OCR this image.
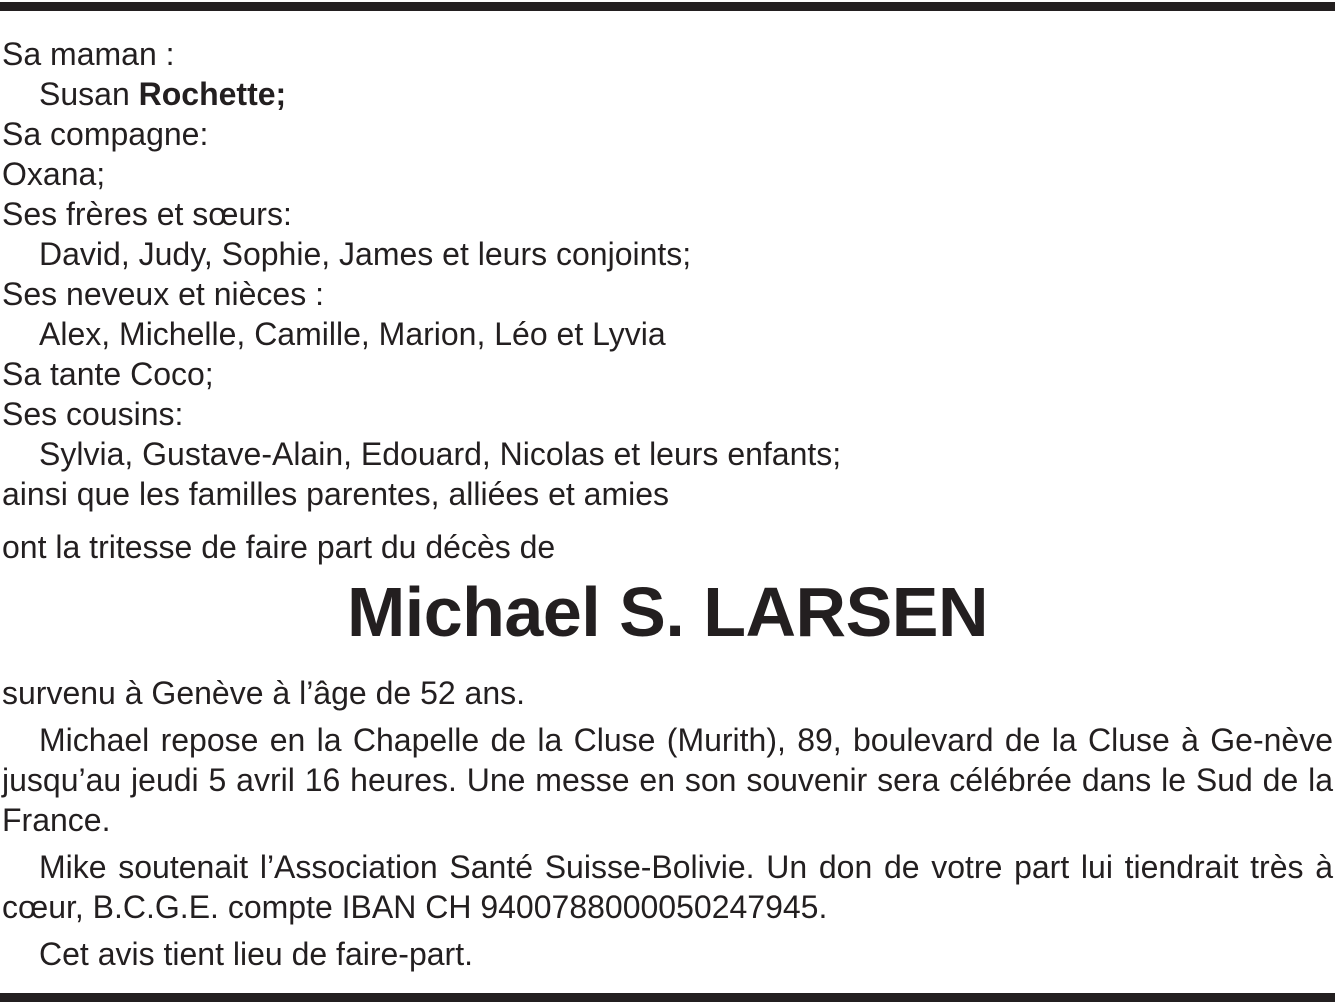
Sa maman :
Susan Rochette;
Sa compagne:
Oxana;
Ses frères et sœurs:
David, Judy, Sophie, James et leurs conjoints;
Ses neveux et nièces :
Alex, Michelle, Camille, Marion, Léo et Lyvia
Sa tante Coco;
Ses cousins:
Sylvia, Gustave-Alain, Edouard, Nicolas et leurs enfants;
ainsi que les familles parentes, alliées et amies
ont la tritesse de faire part du décès de
Michael S. LARSEN
survenu à Genève à l’âge de 52 ans.

Michael repose en la Chapelle de la Cluse (Murith), 89, boulevard de la Cluse à Ge-nève jusqu’au jeudi 5 avril 16 heures. Une messe en son souvenir sera célébrée dans le Sud de la France.

Mike soutenait l’Association Santé Suisse-Bolivie. Un don de votre part lui tiendrait très à cœur, B.C.G.E. compte IBAN CH 9400788000050247945.

Cet avis tient lieu de faire-part.
